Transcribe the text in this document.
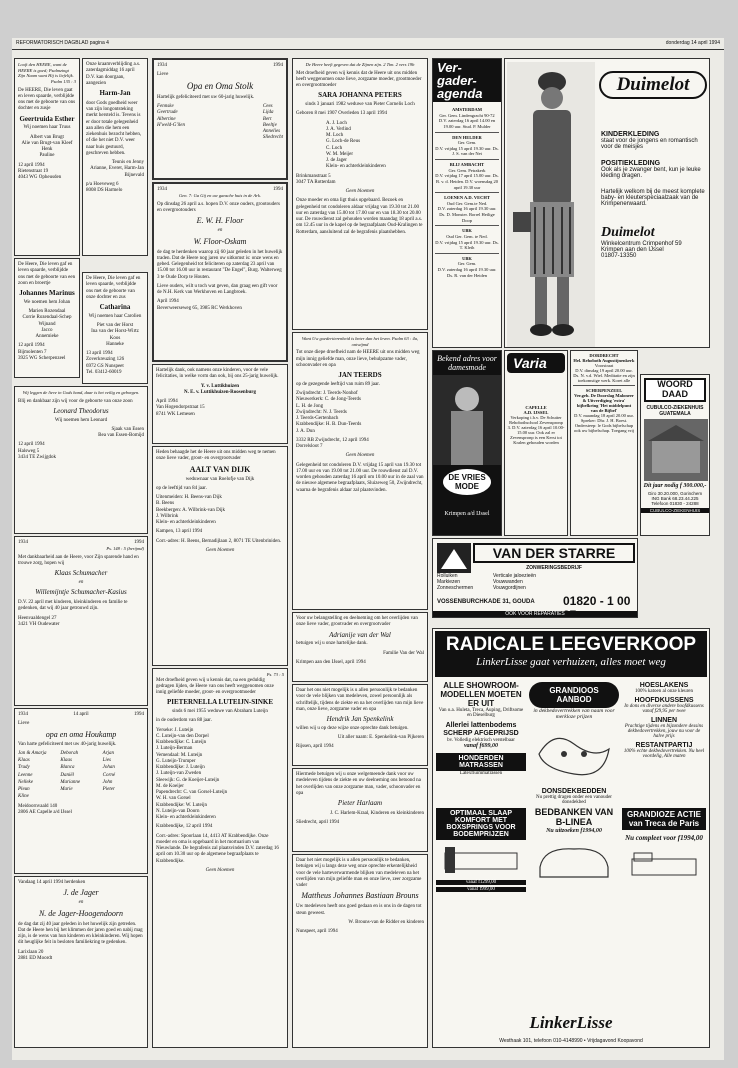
REFORMATORISCH DAGBLAD pagina 4	donderdag 14 april 1994
Looft den HEERE, want de HEERE is goed; Psalmzingt Zijn Naam want Hij is liefelijk.
Psalm 135 : 3
De HEERE, Die leven gaat en leven spaarde, verblijdde ons met de geboorte van ons dochter en zusje
Geertruida Esther
Wij noemen haar Truus
Albert van Brugt
Alie van Brugt-van Kleef
Henk
Pauline
12 april 1994
Rietenstraat 19
4043 WG Opheusden
Onze kraamverblijding a.s. zaterdagmiddag 16 april D.V. kan doorgaan, aangezien
Harm-Jan
door Gods goedheid weer van zijn longontsteking merkt hersteld is. Tevens is er door totale gelegenheid aan allen die hem een ziekenhuis bezocht hebben, of die het niet D.V. weer naar huis gestuurd, geschreven hebben.
Teunis en Jenny
Arianne, Everet, Harm-Jan
Bijnevald
p/a Hoeveweg 6
8008 DS Harmelo
De Heere, Die leven gaf en leven spaarde, verblijdde ons met de geboorte van een zoon en broertje
Johannes Marinus
We noemen hem Johan
Marien Rozendaal
Corrie Rozendaal-Schep
Wijnand
Jacco
Annemieke
12 april 1994
Bijmolenten 7
3925 WG Scherpenzeel
De Heere, Die leven gaf en leven spaarde, verblijdde ons met de geboorte van onze dochter en zus
Catharina
Wij noemen haar Carolien
Piet van der Horst
Ina van der Horst-Wirtz
Koos
Hanneke
13 april 1994
Zoverkreuzing 126
6972 GS Nunspeet
Tel. 03412-60019
Wij leggen de lieve in Gods hand, daar is het veilig en geborgen.
Blij en dankbaar zijn wij voor de geboorte van onze zoon
Leonard Theodorus
Wij noemen hem Leonard
Sjaak van Essen
Bea van Essen-Bomijd
12 april 1994
Halsweg 5
3434 TE Zwijgdok
1934	1994
Ps. 148 : 5 (berijmd)
Met dankbaarheid aan de Heere, voor Zijn sparende hand en trouwe zorg, hopen wij
Klaas Schumacher
en
Willemijntje Schumacher-Kasius
D.V. 22 april met kinderen, kleinkinderen en familie te gedenken, dat wij 40 jaar getrouwd zijn.
Heenvaaldengel 27
3421 VH Oudewater
1934	14 april	1994
Lieve
opa en oma Houkamp
Van harte gefeliciteerd met uw 40-jarig huwelijk.
Jan & Amarja	Deborah	Arjan
Klaas	Klaas	Lies
Trudy	Blanca	Johan
Leenne	Daniël	Corné
Nelleke	Marianne	John
Pleun	Marie	Pieter
Kline
Meidoornvaald 140
2806 AE Capelle a/d IJssel
Vandaag 14 april 1994 herdenken
J. de Jager
en
N. de Jager-Hoogendoorn
de dag dat zij 40 jaar geleden in het huwelijk zijn getreden. Dat de Heere hen bij het klimmen der jaren goed en nabij mag zijn, is de wens van hun kinderen en kleinkinderen. Wij hopen dit heuglijke feit in besloten familiekring te gedenken.
Larixlaan 20
2881 ED Moordt
1934	1994
Lieve
Opa en Oma Stolk
Hartelijk gefeliciteerd met uw 60-jarig huwelijk.
Fennske
Geertrude
Albertine
H'weld-G'ilen
Cees
Lijda
Bert
Beeltje
Annelies
Sliedrecht
1934	1994
Gen. 7: Ga Gij en uw gansche huis in de Ark.
Op dinsdag 26 april a.s. hopen D.V. onze ouders, grootouders en overgrootouders
E. W. H. Floor
en
W. Floor-Oskam
de dag te herdenken waarop zij 60 jaar geleden in het huwelijk traden. Dat de Heere nog jaren uw uitkomst is: onze wens en gebed. Gelegenheid tot feliciteren op zaterdag 23 april van 15.00 tot 16.00 uur in restaurant "De Engel", Burg. Walterweg 3 te Oude Dorp te Houten.
Lieve ouders, wilt u toch wat geven, dan graag een gift voor de N.H. Kerk van Werkhoven en Langbroek.
April 1994
Beverweerseweg 65, 3985 RC Werkhoven
Hartelijk dank, ook namens onze kinderen, voor de vele felicitaties, in welke vorm dan ook, bij ons 25-jarig huwelijk.
Y. v. Luttikhuizen
N. E. v. Luttikhuizen-Roosenburg
April 1994
Van Hogendorpstraat 15
8741 WK Lemesen
Heden behaagde het de Heere uit ons midden weg te nemen onze lieve vader, groot- en overgrootvader
AALT VAN DIJK
weduwnaar van Roelofje van Dijk
op de leeftijd van 84 jaar.
Uitenmeiden: H. Beens-van Dijk
B. Beens
Beekbergen: A. Wilbrink-van Dijk
J. Wilbrink
Klein- en achterkleinkinderen
Kampen, 13 april 1994
Corr.-adres: H. Beens, Bernadijlaan 2, 8071 TE Uitenbriniden.
Geen bloemen
Ps. 73 : 5
Met droefheid geven wij u kennis dat, na een geduldig gedragen lijden, de Heere van ons heeft weggenomen onze innig geliefde moeder, groot- en overgrootmoeder
PIETERNELLA LUTEIJN-SINKE
sinds 6 mei 1955 weduwe van Abraham Luteijn
in de ouderdom van 88 jaar.
Yerseke: J. Luteijn
C. Luteijn-van den Dorpel
Krabbendijke: C. Luteijn
J. Luteijn-Berman
Vemendaal: M. Luteijn
G. Luteijn-Trumper
Krabbendijke: J. Luteijn
J. Luteijn-van Zweden
Sleewijk: G. de Koeijer-Luteijn
M. de Koeijer
Papendrecht: C. van Gorsel-Luteijn
W. H. van Gorsel
Krabbendijke: W. Luteijn
N. Luteijn-van Doorn
Klein- en achterkleinkinderen
Krabbendijke, 12 april 1994
Corr.-adres: Spoorlaan 14, 4413 AT Krabbendijke. Onze moeder en oma is opgebaard in het mortuarium van Nieuwlande. De begrafenis zal plaatsvinden D.V. zaterdag 16 april om 10.30 uur op de algemene begraafplaats te Krabbendijke.
Geen bloemen
De Heere heeft gegeven dat de Zijnen zijn. 2 Tim. 2 vers 19b
Met droefheid geven wij kennis dat de Heere uit ons midden heeft weggenomen onze lieve, zorgzame moeder, grootmoeder en overgrootmoeder
SARA JOHANNA PETERS
sinds 3 januari 1982 weduwe van Pieter Cornelis Loch
Geboren 8 mei 1907 Overleden 13 april 1994
A. J. Loch
J. A. Verlind
M. Loch
G. Loch-de Reus
C. Loch
W. M. Meijer
J. de Jager
Klein- en achterkleinkinderen
Brinkmanstraat 5
3047 TA Rotterdam
Geen bloemen
Onze moeder en oma ligt thuis opgebaard. Bezoek en gelegenheid tot condoleren aldaar vrijdag van 19.30 tot 21.00 uur en zaterdag van 15.00 tot 17.00 uur en van 18.30 tot 20.00 uur. De rouwdienst zal gehouden worden maandag 18 april a.s. om 12.45 uur in de kapel op de begraafplaats Oud-Kralingen te Rotterdam, aansluitend zal de begrafenis plaatshebben.
Want Uw goedertierenheid is beter dan het leven. Psalm 63 : 4a, ontwijmd
Tot onze diepe droefheid nam de HEERE uit ons midden weg mijn innig geliefde man, onze lieve, behulpzame vader, schoonvader en opa
JAN TEERDS
op de gezegende leeftijd van ruim 89 jaar.
Zwijndrecht: J. Teerds-Nonhof
Nieuwerkerk: C. de Jong-Teerds
L. H. de Jong
Zwijndrecht: N. J. Teerds
J. Teerds-Gertenbach
Krabbendijke: H. B. Dun-Teerds
J. A. Dun
3332 RB Zwijndrecht, 12 april 1994
Dorrelsloot 7
Geen bloemen
Gelegenheid tot condoleren D.V. vrijdag 15 april van 19.30 tot 17.00 uur en van 19.00 tot 21.00 uur. De rouwdienst zal D.V. worden gehouden zaterdag 16 april om 10.00 uur in de zaal van de nieuwe algemene begraafplaats, Sluizeweg 50, Zwijndrecht, waarna de begrafenis aldaar zal plaatsvinden.
Voor uw belangstelling en deelneming om het overlijden van onze lieve vader, grootvader en overgrootvader
Adrianije van der Wal
betuigen wij u onze hartelijke dank.
Familie Van der Wal
Krimpen aan den IJssel, april 1994
Daar het ons niet mogelijk is u allen persoonlijk te bedanken voor de vele blijken van medeleven, zowel persoonlijk als schriftelijk, tijdens de ziekte en na het overlijden van mijn lieve man, onze lieve, zorgzame vader en opa
Hendrik Jan Spenkelink
willen wij u op deze wijze onze oprechte dank betuigen.
Uit aller naam: E. Spenkelink-van Pijkeren
Rijssen, april 1994
Hiermede betuigen wij u onze welgemeende dank voor uw medeleven tijdens de ziekte en uw deelneming ons betoond na het overlijden van onze zorgzame man, vader, schoonvader en opa
Pieter Harlaam
J. C. Harlem-Kraal, Kinderen en kleinkinderen
Sliedrecht, april 1994
Daar het niet mogelijk is u allen persoonlijk te bedanken, betuigen wij u langs deze weg onze oprechte erkentelijkheid voor de vele harteverwarmende blijken van medeleven na het overlijden van mijn geliefde man en onze lieve, zeer zorgzame vader
Mattheus Johannes Bastiaan Brouns
Uw medeleven heeft ons goed gedaan en is ons in de dagen tot steun geweest.
W. Brouns-van de Ridder en kinderen
Nunspeet, april 1994
Ver-gader-agenda
AMSTERDAM
Ger. Gem. Lindengracht 90-72
D.V. zaterdag 16 april 14.00 en 19.00 uur. Stud. P. Mulder
DEN HELDER
Ger. Gem.
D.V. vrijdag 15 april 19.30 uur. Ds. J. S. van der Net
BLIJ AMBACHT
Ger. Gem. Petrakerk
D.V. vrijdag 17 april 15.00 uur. Ds. B. v. d. Heiden. D.V. woensdag 20 april 19.30 uur
LOENEN A.D. VECHT
Oud Ger. Gem.te Ned.
D.V. zaterdag 16 april 19.30 uur. Ds. D. Monster. Borrel Heilige Doop
UBK
Oud Ger. Gem. te Ned.
D.V. vrijdag 15 april 19.30 uur. Ds. T. Kleih
UBK
Ger. Gem.
D.V. zaterdag 16 april 19.30 uur. Ds. R. van der Heiden
Duimelot
KINDERKLEDING
staat voor de jongens en romantisch voor de meisjes
POSITIEKLEDING
Ook als je zwanger bent, kun je leuke kleding dragen.
Hartelijk welkom bij de meest komplete baby- en kleuterspeciaalzaak van de Krimpenerwaard.
Duimelot
Winkelcentrum Crimpenhof 59
Krimpen aan den IJssel
01807-13350
Bekend adres voor damesmode
DE VRIES
MODE
Krimpen a/d IJssel
Varia
CAPELLE
A.D. IJSSEL
Verkoping i.h.v. De Schutter Rehobothschool Zevenspronp 3. D.V. zaterdag 16 april 10.00-15.00 uur. Ook zal er Zevenspronp is een Kerst tot Kralen gehouden worden
DORDRECHT
Hel. Rehoboth Augustijnenkerk
Voorstraat
D.V. dinsdag 19 april 20.00 uur. Ds. N. v.d. Wiel. Meditatie en zijn toekomstige werk. Koret alle
SCHERPENZEEL
Ver.geb. De Doorslag Maloneer & Uitverdiging 'extra' bijbelkring 'Het middelpunt van de Bijbel'
D.V. maandag 18 april 20.00 uur. Spreker: Dhr. J. H. Boest. Ondersteep: le Gods bijbelschap ook uw bijbelschap. Toegang vrij
WOORD
DAAD
CUBULCO-ZIEKENHUIS
GUATEMALA
Dit jaar nodig f 300.000,-
Giro 30.20.000, Gorinchem
ING Bank 68.23.44.225
Telefoon 01830 - 24288
CUBULCO-ZIEKENHUIS
VAN DER STARRE
ZONWERINGSBEDRIJF
Rolluiken
Markiezen
Zonneschermen
Verticale jaloezieën
Vouwwanden
Vouwgordijnen
VOSSENBURCHKADE 31, GOUDA 01820 - 1 00
OOK VOOR REPARATIES
RADICALE LEEGVERKOOP
LinkerLisse gaat verhuizen, alles moet weg
ALLE SHOWROOM-MODELLEN MOETEN ER UIT
Van o.a. Huleta, Treca, Auping, Driftsome en Dieselburg
Allerlei lattenbodems SCHERP AFGEPRIJSD
bv. Volledig elektrisch verstelbaar
vanaf f699,00
HONDERDEN MATRASSEN
Latexfluimmatrassen
GRANDIOOS AANBOD
in dekbedovertrekken van naam voor merkloze prijzen
DONSDEKBEDDEN
Nu prettig dragen onder een vanouder donsdekbed
HOESLAKENS
100% katoen al onze kleuren
HOOFDKUSSENS
In dons en diverse andere hoofdkussens vanaf f29,95 per twee
LINNEN
Prachtige tijdens en bijzondere dessins dekbedovertrekken, jouw nu voor de halve prijs
RESTANTPARTIJ
100% echte dekbedovertrekken. Nu heel voordelig, Alle maten
OPTIMAAL SLAAP KOMFORT MET BOXSPRINGS VOOR BODEMPRIJZEN
vanaf f1299,00
vanaf f999,00
BEDBANKEN VAN B-LINEA
Nu uitzoeken f1994,00
GRANDIOZE ACTIE van Treca de Paris
Nu compleet voor f1994,00
LinkerLisse
Westhaak 101, telefoon 010-4148990 • Vrijdagavond Koopavond
